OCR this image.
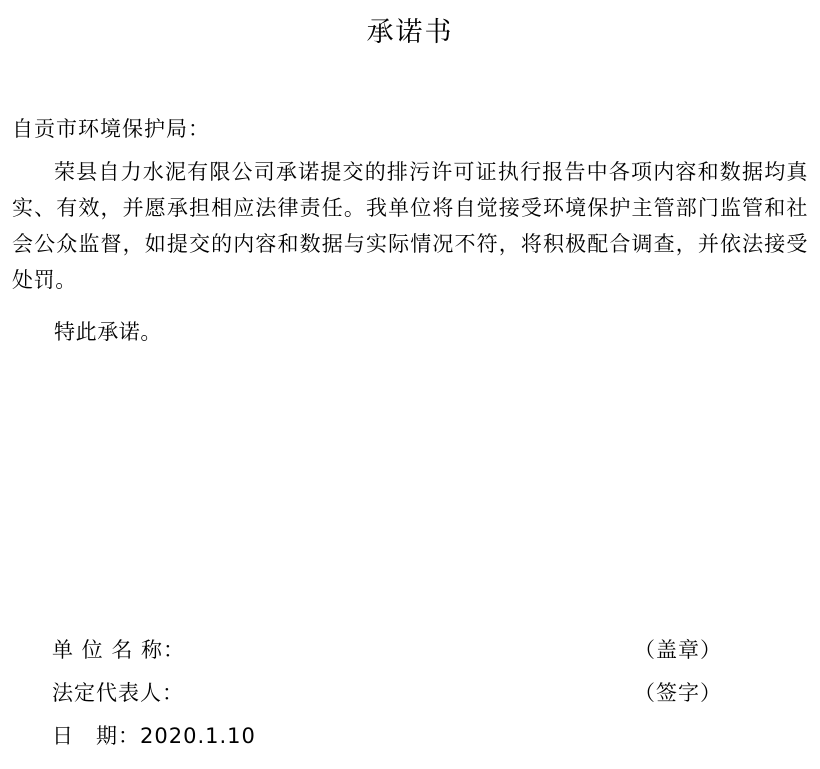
承诺书
自贡市环境保护局：

荣县自力水泥有限公司承诺提交的排污许可证执行报告中各项内容和数据均真实、有效，并愿承担相应法律责任。我单位将自觉接受环境保护主管部门监管和社会公众监督，如提交的内容和数据与实际情况不符，将积极配合调查，并依法接受处罚。

特此承诺。

单 位 名 称：	（盖章）
法定代表人：	（签字）
日　期： 2020.1.10
